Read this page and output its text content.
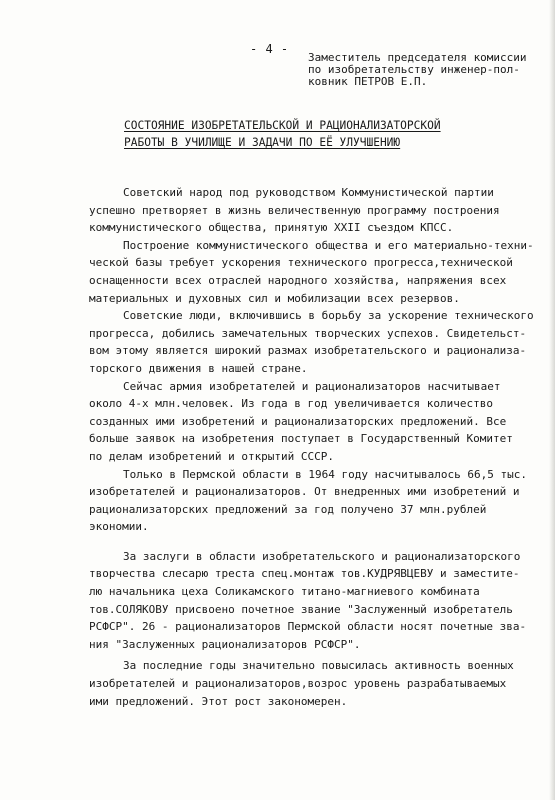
- 4 -
Заместитель председателя комиссии
по изобретательству инженер-пол-
ковник ПЕТРОВ Е.П.
СОСТОЯНИЕ ИЗОБРЕТАТЕЛЬСКОЙ И РАЦИОНАЛИЗАТОРСКОЙ
РАБОТЫ В УЧИЛИЩЕ И ЗАДАЧИ ПО ЕЁ УЛУЧШЕНИЮ
Советский народ под руководством Коммунистической партии
успешно претворяет в жизнь величественную программу построения
коммунистического общества, принятую XXII съездом КПСС.
Построение коммунистического общества и его материально-техни-
ческой базы требует ускорения технического прогресса,технической
оснащенности всех отраслей народного хозяйства, напряжения всех
материальных и духовных сил и мобилизации всех резервов.
Советские люди, включившись в борьбу за ускорение технического
прогресса, добились замечательных творческих успехов. Свидетельст-
вом этому является широкий размах изобретательского и рационализа-
торского движения в нашей стране.
Сейчас армия изобретателей и рационализаторов насчитывает
около 4-х млн.человек. Из года в год увеличивается количество
созданных ими изобретений и рационализаторских предложений. Все
больше заявок на изобретения поступает в Государственный Комитет
по делам изобретений и открытий СССР.
Только в Пермской области в 1964 году насчитывалось 66,5 тыс.
изобретателей и рационализаторов. От внедренных ими изобретений и
рационализаторских предложений за год получено 37 млн.рублей
экономии.
За заслуги в области изобретательского и рационализаторского
творчества слесарю треста спец.монтаж тов.КУДРЯВЦЕВУ и заместите-
лю начальника цеха Соликамского титано-магниевого комбината
тов.СОЛЯКОВУ присвоено почетное звание "Заслуженный изобретатель
РСФСР". 26 - рационализаторов Пермской области носят почетные зва-
ния "Заслуженных рационализаторов РСФСР".
За последние годы значительно повысилась активность военных
изобретателей и рационализаторов,возрос уровень разрабатываемых
ими предложений. Этот рост закономерен.
